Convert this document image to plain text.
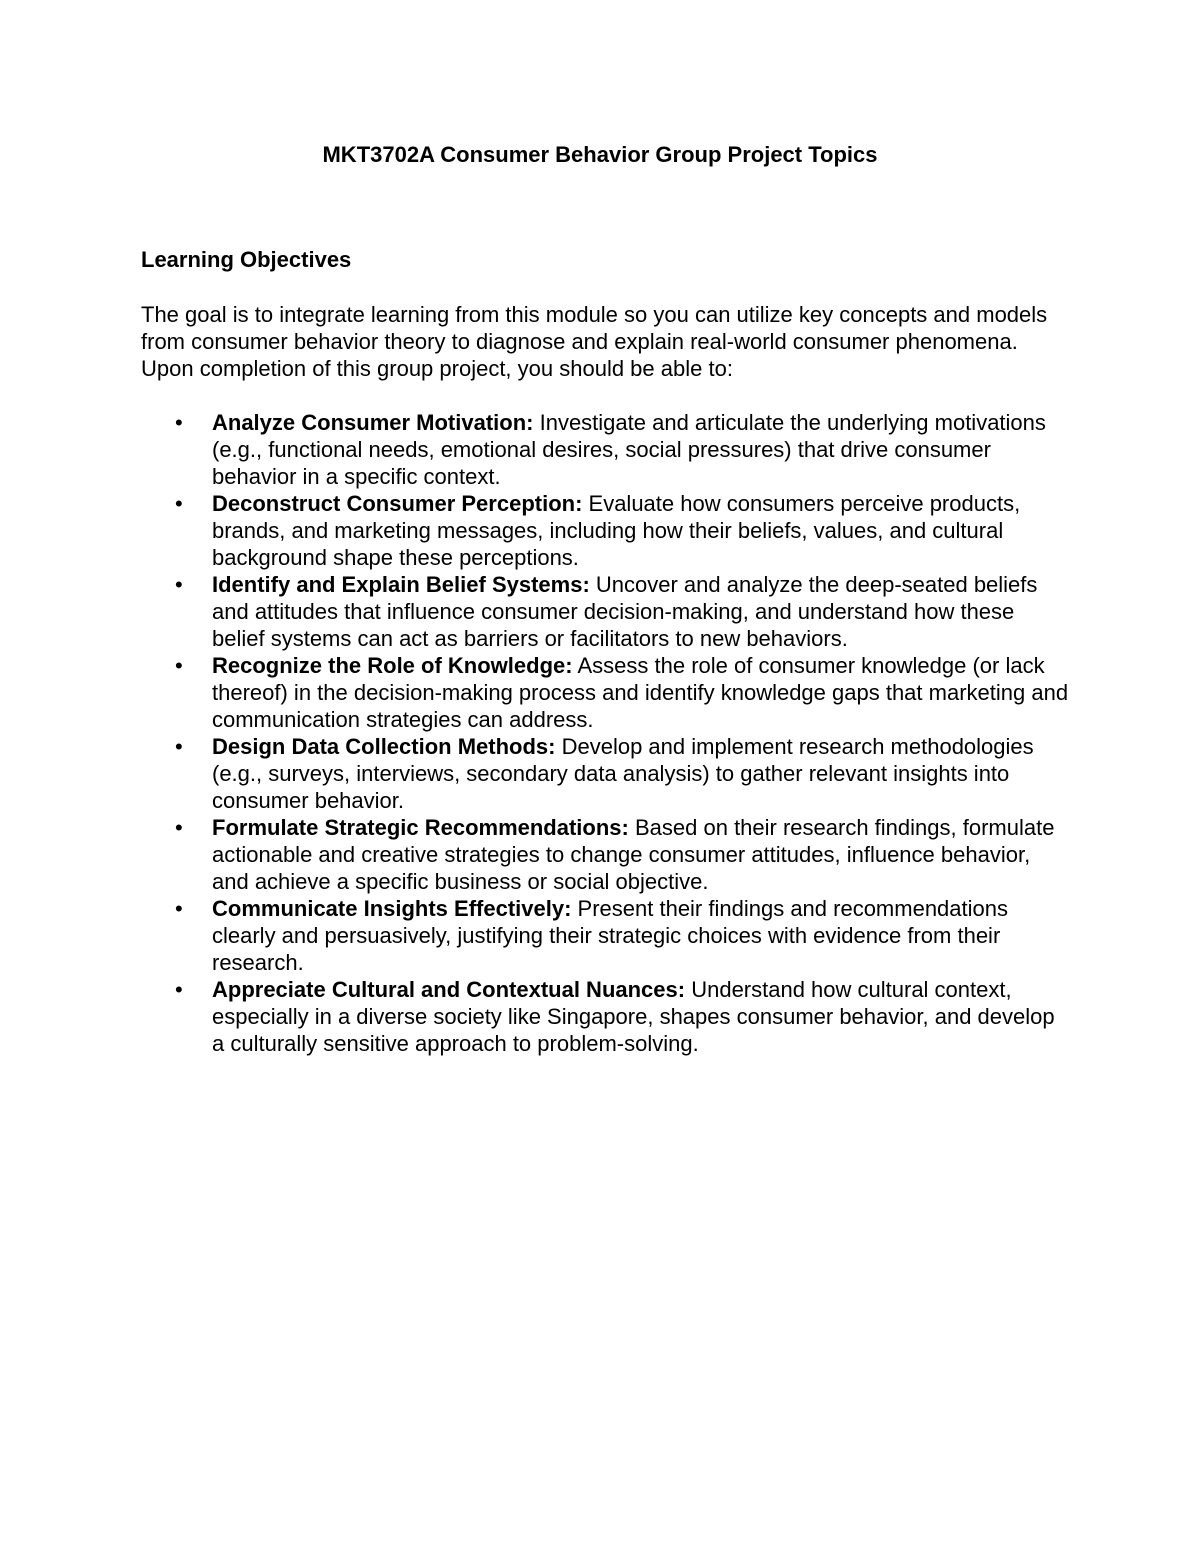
MKT3702A Consumer Behavior Group Project Topics
Learning Objectives

The goal is to integrate learning from this module so you can utilize key concepts and models from consumer behavior theory to diagnose and explain real-world consumer phenomena. Upon completion of this group project, you should be able to:

• Analyze Consumer Motivation: Investigate and articulate the underlying motivations (e.g., functional needs, emotional desires, social pressures) that drive consumer behavior in a specific context.
• Deconstruct Consumer Perception: Evaluate how consumers perceive products, brands, and marketing messages, including how their beliefs, values, and cultural background shape these perceptions.
• Identify and Explain Belief Systems: Uncover and analyze the deep-seated beliefs and attitudes that influence consumer decision-making, and understand how these belief systems can act as barriers or facilitators to new behaviors.
• Recognize the Role of Knowledge: Assess the role of consumer knowledge (or lack thereof) in the decision-making process and identify knowledge gaps that marketing and communication strategies can address.
• Design Data Collection Methods: Develop and implement research methodologies (e.g., surveys, interviews, secondary data analysis) to gather relevant insights into consumer behavior.
• Formulate Strategic Recommendations: Based on their research findings, formulate actionable and creative strategies to change consumer attitudes, influence behavior, and achieve a specific business or social objective.
• Communicate Insights Effectively: Present their findings and recommendations clearly and persuasively, justifying their strategic choices with evidence from their research.
• Appreciate Cultural and Contextual Nuances: Understand how cultural context, especially in a diverse society like Singapore, shapes consumer behavior, and develop a culturally sensitive approach to problem-solving.
